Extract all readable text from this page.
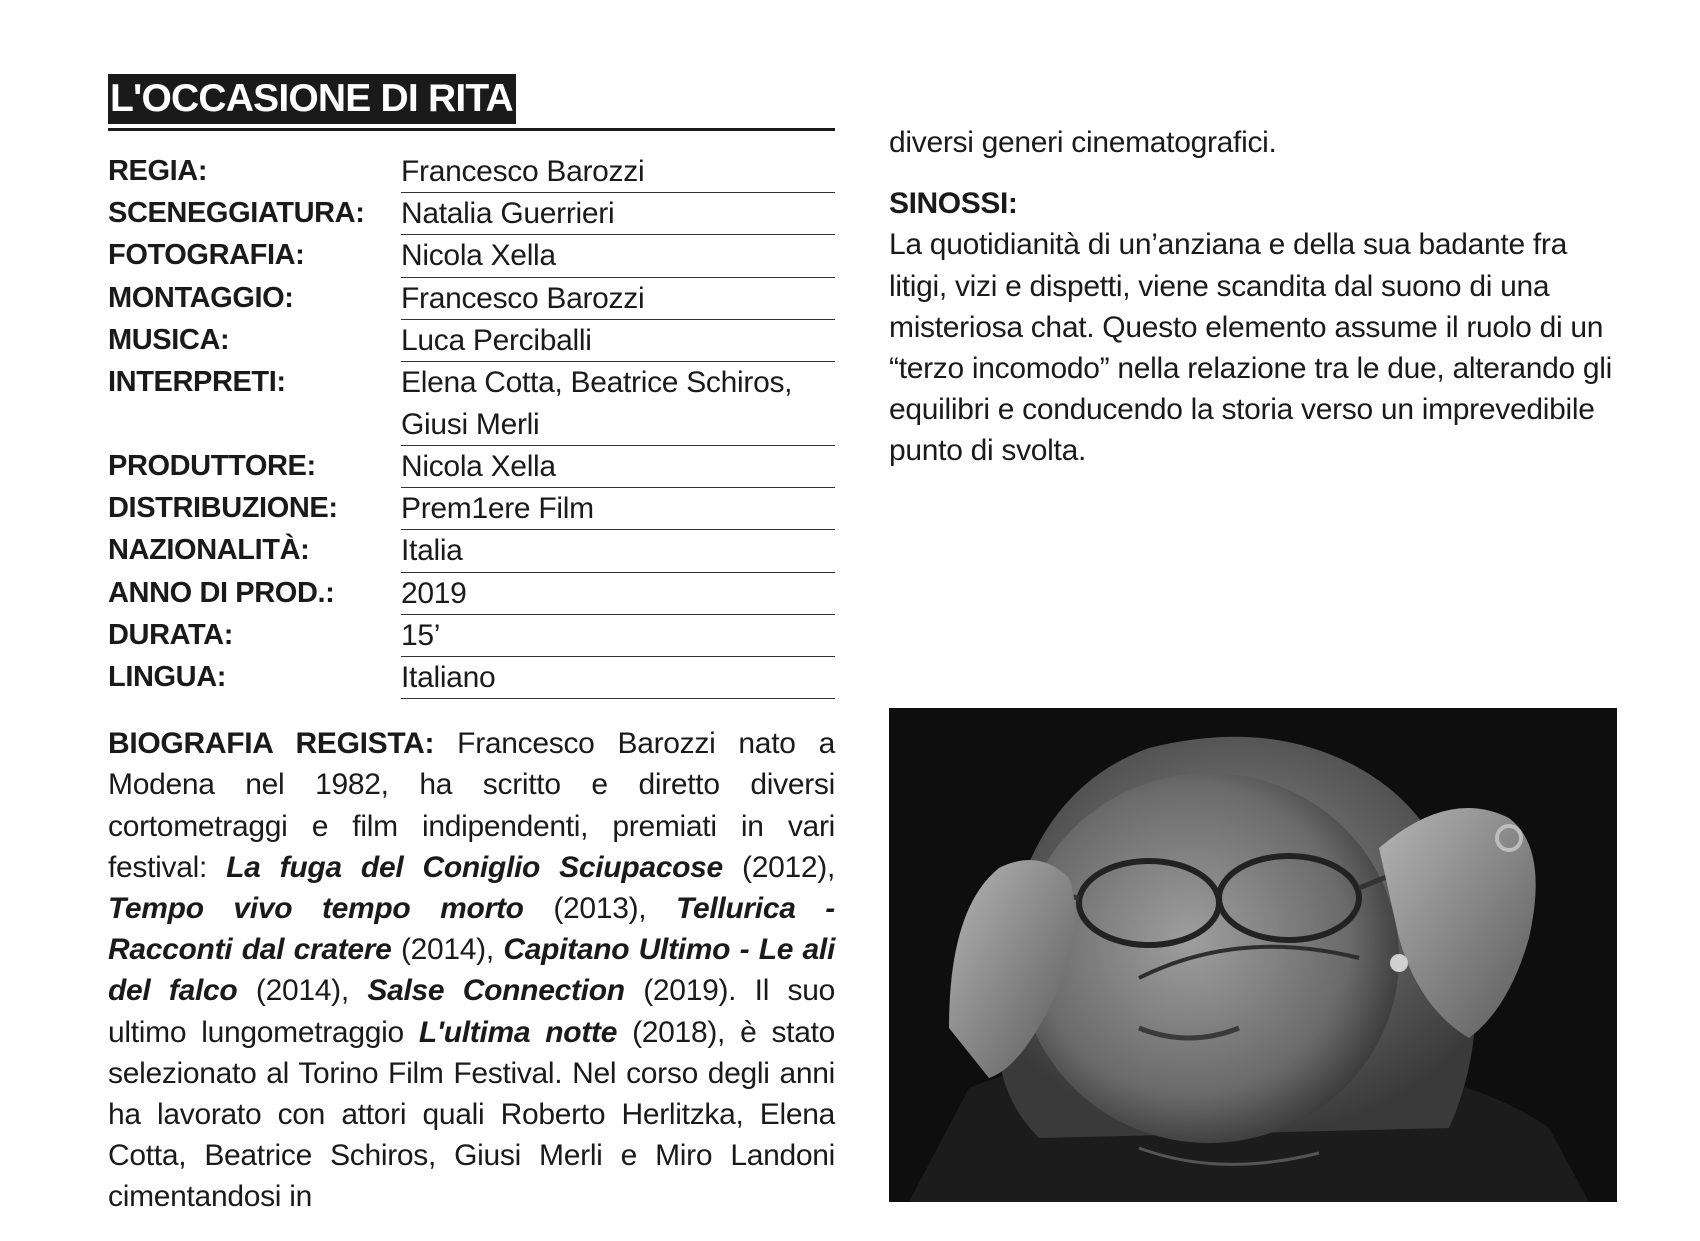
L'OCCASIONE DI RITA
REGIA:	Francesco Barozzi
SCENEGGIATURA:	Natalia Guerrieri
FOTOGRAFIA:	Nicola Xella
MONTAGGIO:	Francesco Barozzi
MUSICA:	Luca Perciballi
INTERPRETI:	Elena Cotta, Beatrice Schiros, Giusi Merli
PRODUTTORE:	Nicola Xella
DISTRIBUZIONE:	Prem1ere Film
NAZIONALITÀ:	Italia
ANNO DI PROD.:	2019
DURATA:	15’
LINGUA:	Italiano
BIOGRAFIA REGISTA: Francesco Barozzi nato a Modena nel 1982, ha scritto e diretto diversi cortometraggi e film indipendenti, premiati in vari festival: La fuga del Coniglio Sciupacose (2012), Tempo vivo tempo morto (2013), Tellurica - Racconti dal cratere (2014), Capitano Ultimo - Le ali del falco (2014), Salse Connection (2019). Il suo ultimo lungometraggio L'ultima notte (2018), è stato selezionato al Torino Film Festival. Nel corso degli anni ha lavorato con attori quali Roberto Herlitzka, Elena Cotta, Beatrice Schiros, Giusi Merli e Miro Landoni cimentandosi in
diversi generi cinematografici.
SINOSSI:
La quotidianità di un’anziana e della sua badante fra litigi, vizi e dispetti, viene scandita dal suono di una misteriosa chat. Questo elemento assume il ruolo di un “terzo incomodo” nella relazione tra le due, alterando gli equilibri e conducendo la storia verso un imprevedibile punto di svolta.
